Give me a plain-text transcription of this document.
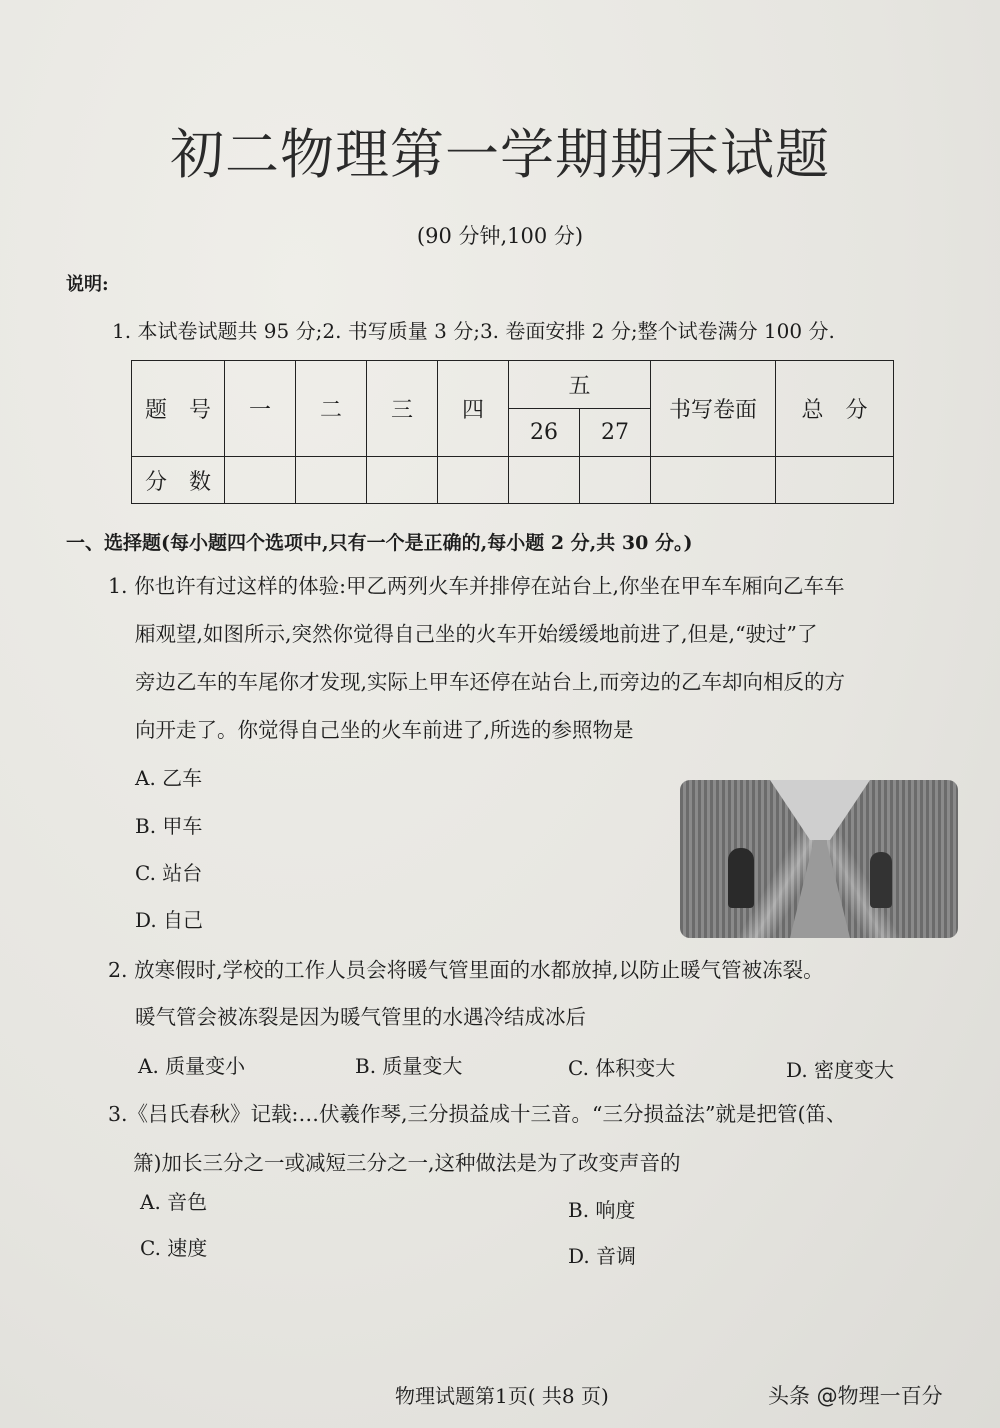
初二物理第一学期期末试题
(90 分钟,100 分)
说明:
1. 本试卷试题共 95 分;2. 书写质量 3 分;3. 卷面安排 2 分;整个试卷满分 100 分.
题　号	一	二	三	四	五		书写卷面	总　分
					26	27		
分　数								
一、选择题(每小题四个选项中,只有一个是正确的,每小题 2 分,共 30 分。)
1. 你也许有过这样的体验:甲乙两列火车并排停在站台上,你坐在甲车车厢向乙车车
厢观望,如图所示,突然你觉得自己坐的火车开始缓缓地前进了,但是,“驶过”了
旁边乙车的车尾你才发现,实际上甲车还停在站台上,而旁边的乙车却向相反的方
向开走了。你觉得自己坐的火车前进了,所选的参照物是
A. 乙车
B. 甲车
C. 站台
D. 自己
2. 放寒假时,学校的工作人员会将暖气管里面的水都放掉,以防止暖气管被冻裂。
暖气管会被冻裂是因为暖气管里的水遇冷结成冰后
A. 质量变小	B. 质量变大	C. 体积变大	D. 密度变大
3.《吕氏春秋》记载:…伏羲作琴,三分损益成十三音。“三分损益法”就是把管(笛、
箫)加长三分之一或减短三分之一,这种做法是为了改变声音的
A. 音色	B. 响度
C. 速度	D. 音调
物理试题第1页( 共8 页)	头条 @物理一百分
